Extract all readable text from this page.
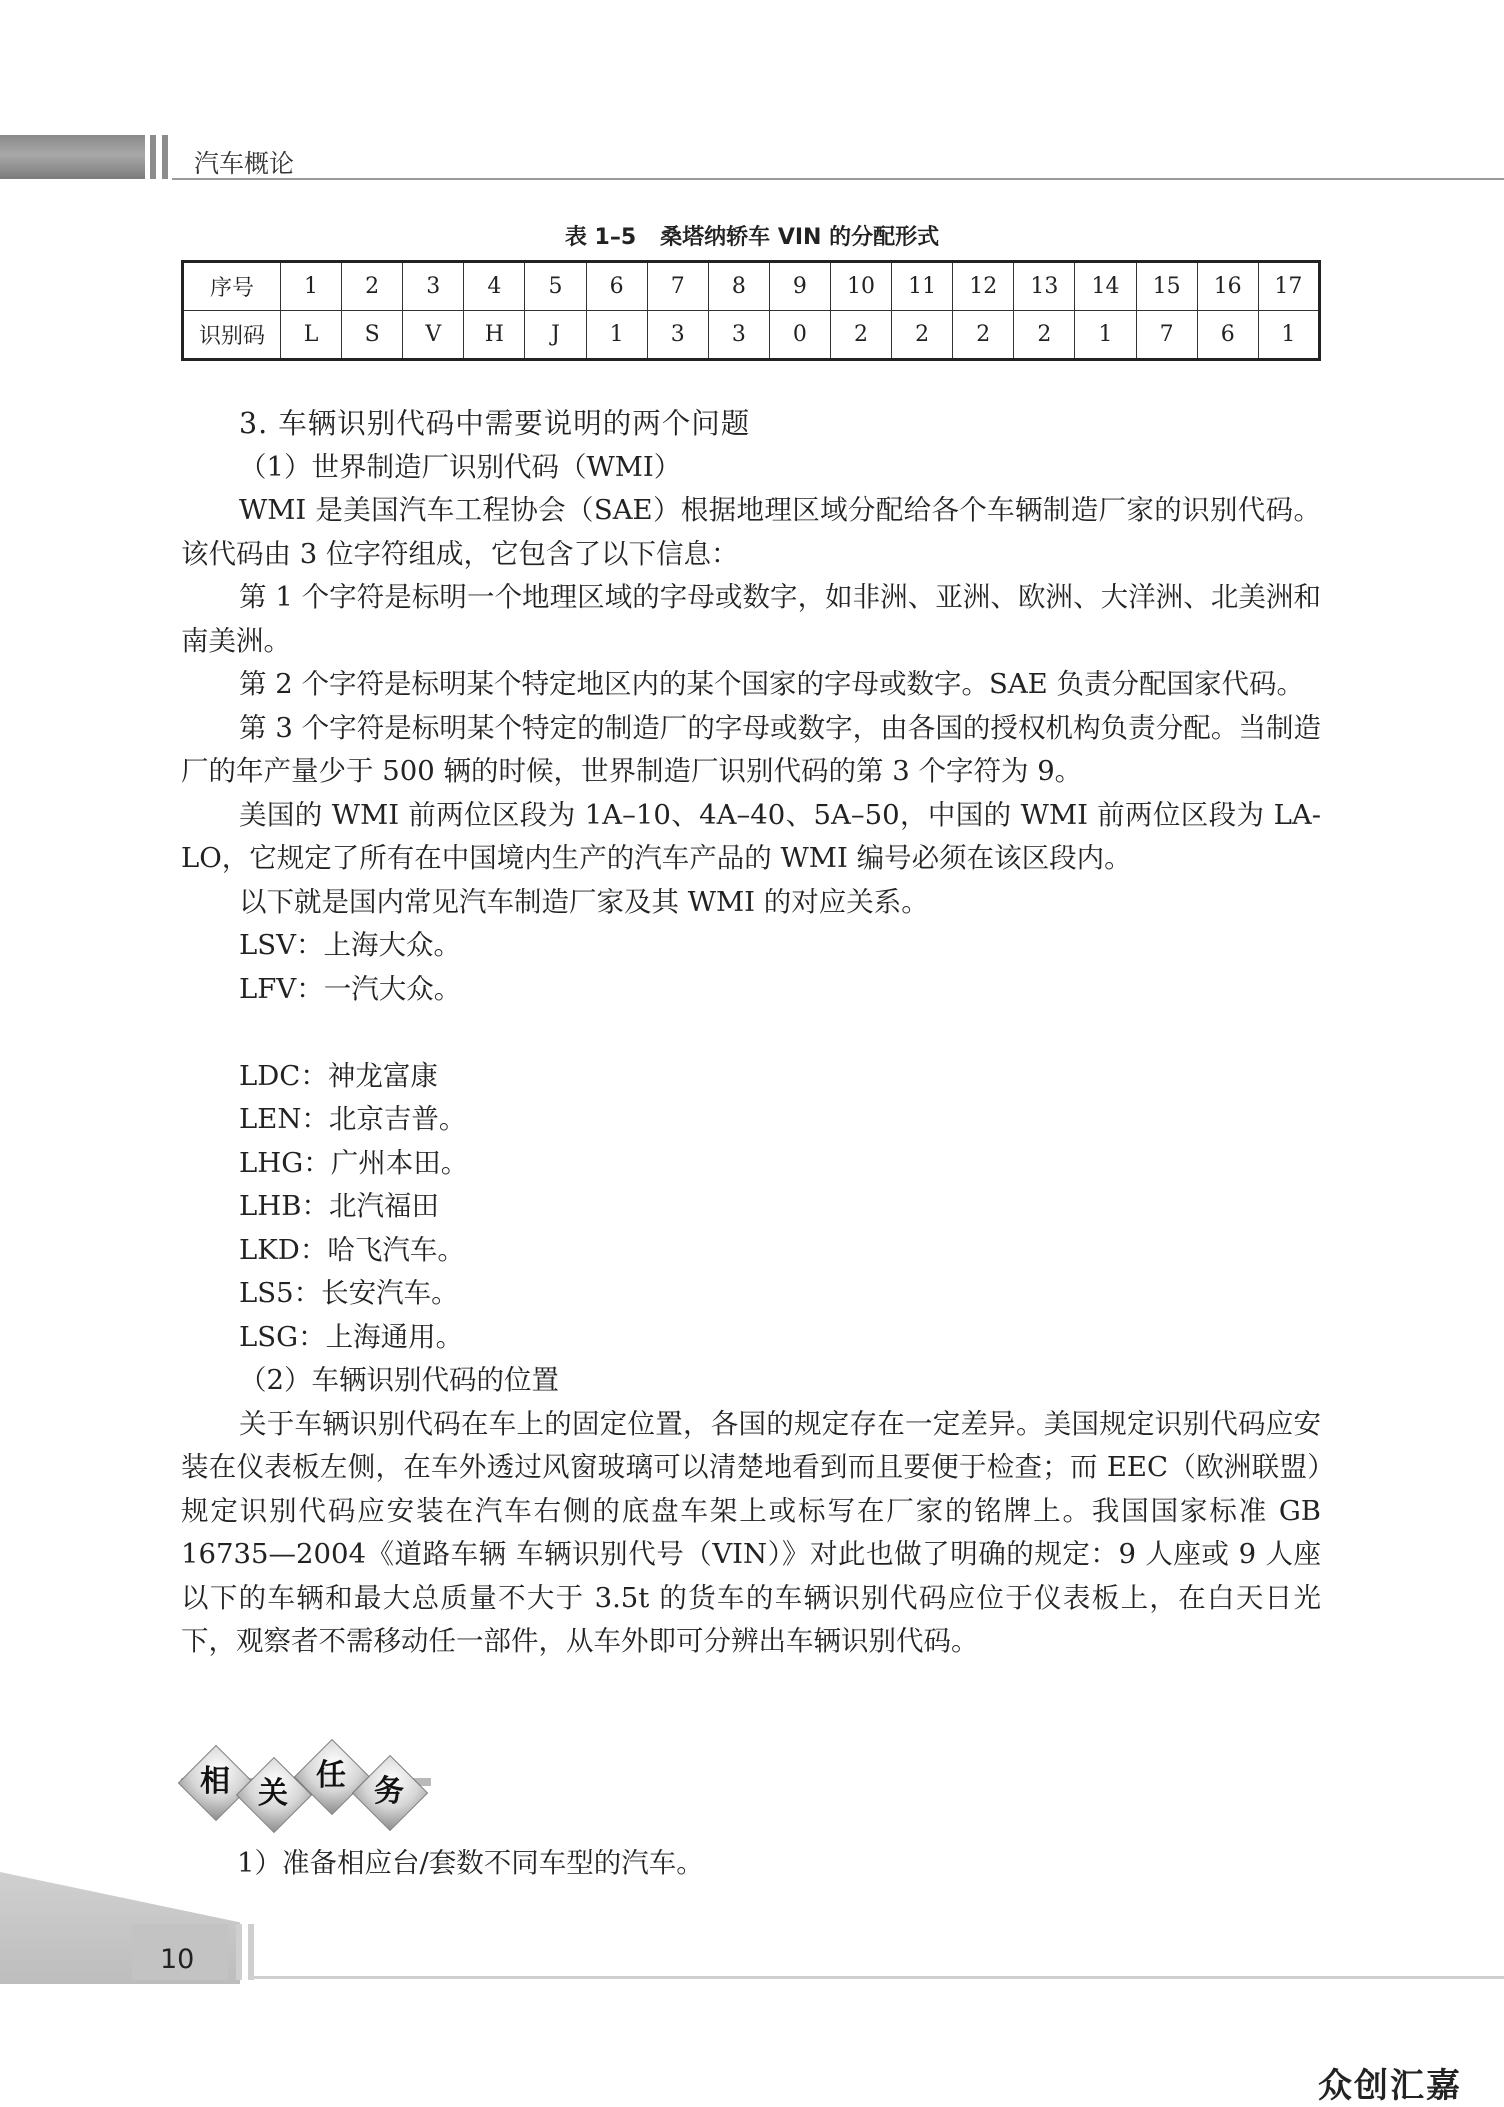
汽车概论
表 1–5 桑塔纳轿车 VIN 的分配形式
序号	1	2	3	4	5	6	7	8	9	10	11	12	13	14	15	16	17
识别码	L	S	V	H	J	1	3	3	0	2	2	2	2	1	7	6	1

3. 车辆识别代码中需要说明的两个问题

（1）世界制造厂识别代码（WMI）

WMI 是美国汽车工程协会（SAE）根据地理区域分配给各个车辆制造厂家的识别代码。该代码由 3 位字符组成，它包含了以下信息：

第 1 个字符是标明一个地理区域的字母或数字，如非洲、亚洲、欧洲、大洋洲、北美洲和南美洲。

第 2 个字符是标明某个特定地区内的某个国家的字母或数字。SAE 负责分配国家代码。

第 3 个字符是标明某个特定的制造厂的字母或数字，由各国的授权机构负责分配。当制造厂的年产量少于 500 辆的时候，世界制造厂识别代码的第 3 个字符为 9。

美国的 WMI 前两位区段为 1A–10、4A–40、5A–50，中国的 WMI 前两位区段为 LA-LO，它规定了所有在中国境内生产的汽车产品的 WMI 编号必须在该区段内。

以下就是国内常见汽车制造厂家及其 WMI 的对应关系。

LSV：上海大众。

LFV：一汽大众。

LDC：神龙富康

LEN：北京吉普。

LHG：广州本田。

LHB：北汽福田

LKD：哈飞汽车。

LS5：长安汽车。

LSG：上海通用。

（2）车辆识别代码的位置

关于车辆识别代码在车上的固定位置，各国的规定存在一定差异。美国规定识别代码应安装在仪表板左侧，在车外透过风窗玻璃可以清楚地看到而且要便于检查；而 EEC（欧洲联盟）规定识别代码应安装在汽车右侧的底盘车架上或标写在厂家的铭牌上。我国国家标准 GB 16735—2004《道路车辆 车辆识别代号（VIN）》对此也做了明确的规定：9 人座或 9 人座以下的车辆和最大总质量不大于 3.5t 的货车的车辆识别代码应位于仪表板上，在白天日光下，观察者不需移动任一部件，从车外即可分辨出车辆识别代码。

相 关
任 务
1）准备相应台/套数不同车型的汽车。
10
众创汇嘉
